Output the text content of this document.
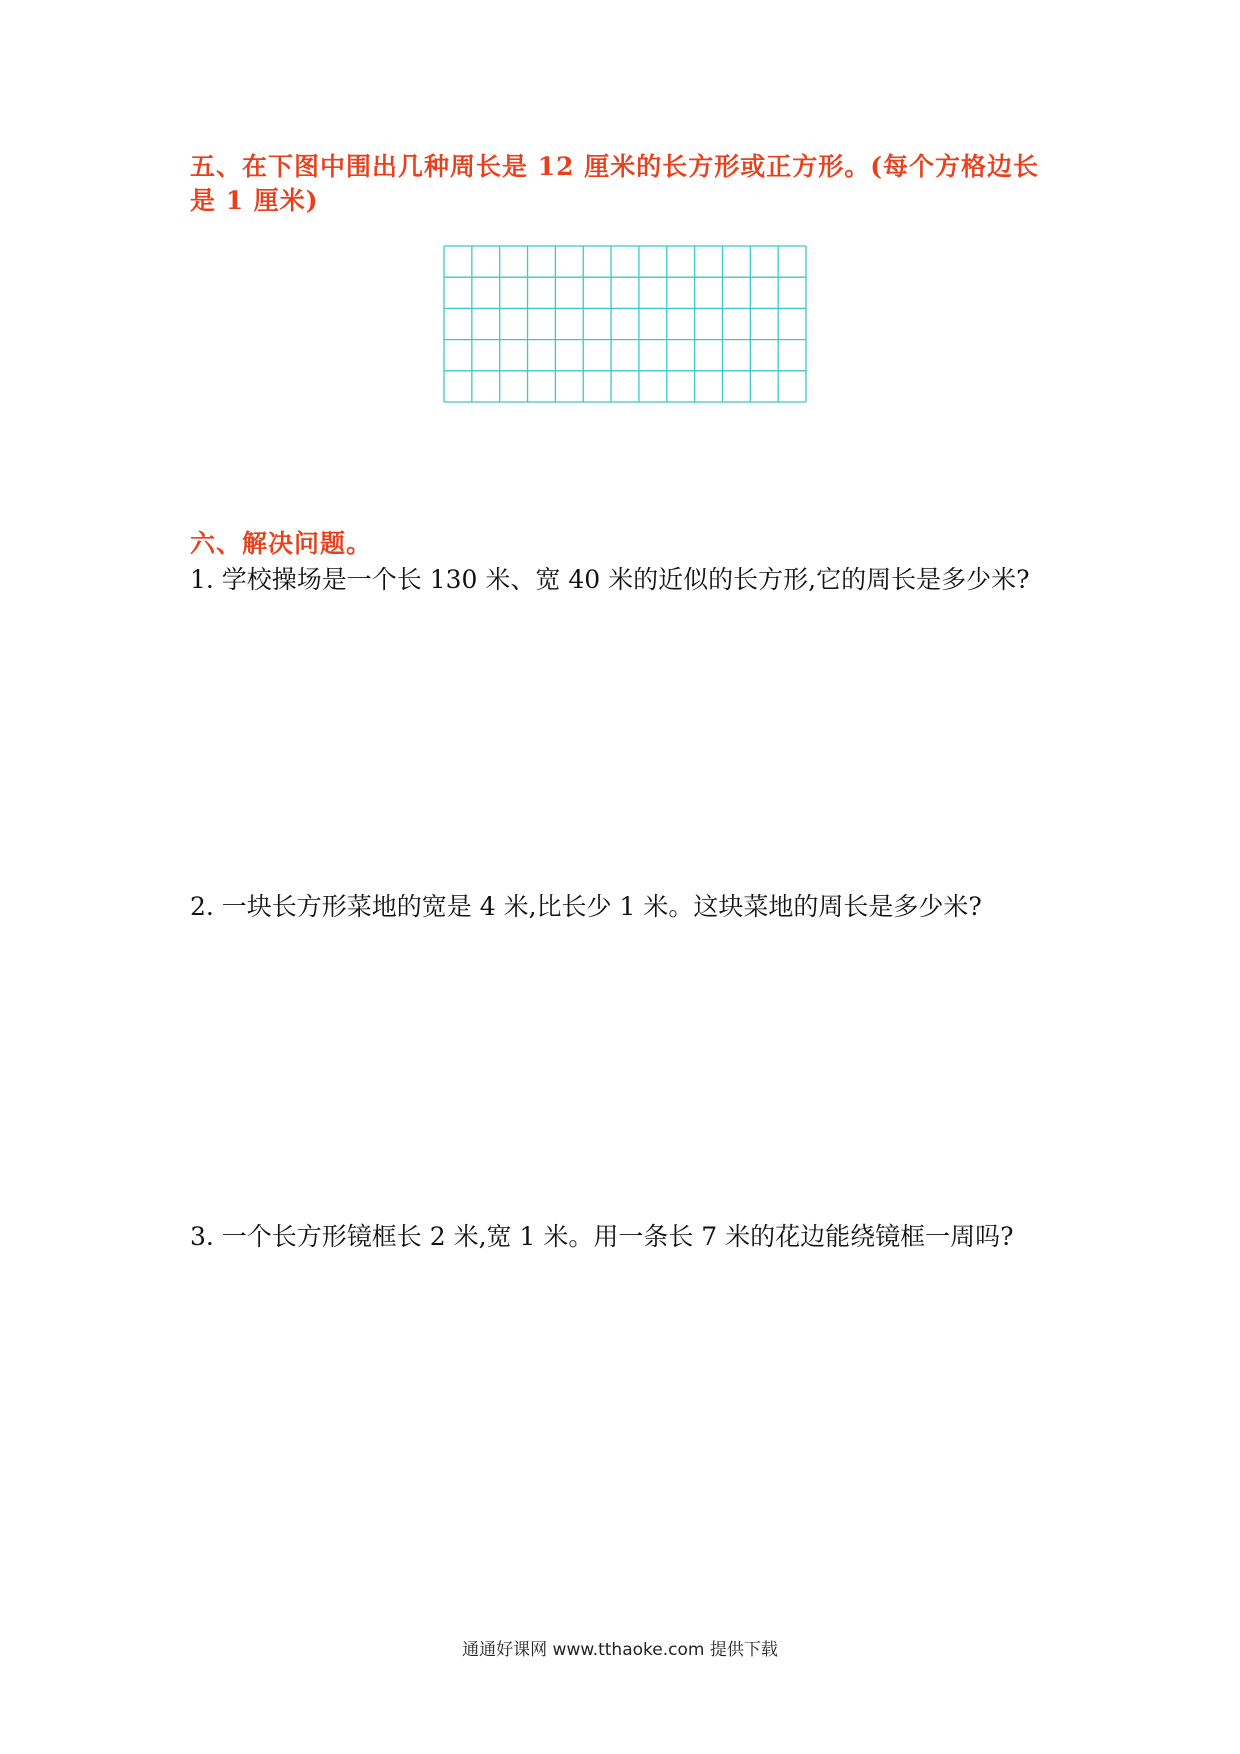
五、在下图中围出几种周长是 12 厘米的长方形或正方形。(每个方格边长是 1 厘米)
六、解决问题。
1. 学校操场是一个长 130 米、宽 40 米的近似的长方形,它的周长是多少米?
2. 一块长方形菜地的宽是 4 米,比长少 1 米。这块菜地的周长是多少米?
3. 一个长方形镜框长 2 米,宽 1 米。用一条长 7 米的花边能绕镜框一周吗?
通通好课网 www.tthaoke.com 提供下载
